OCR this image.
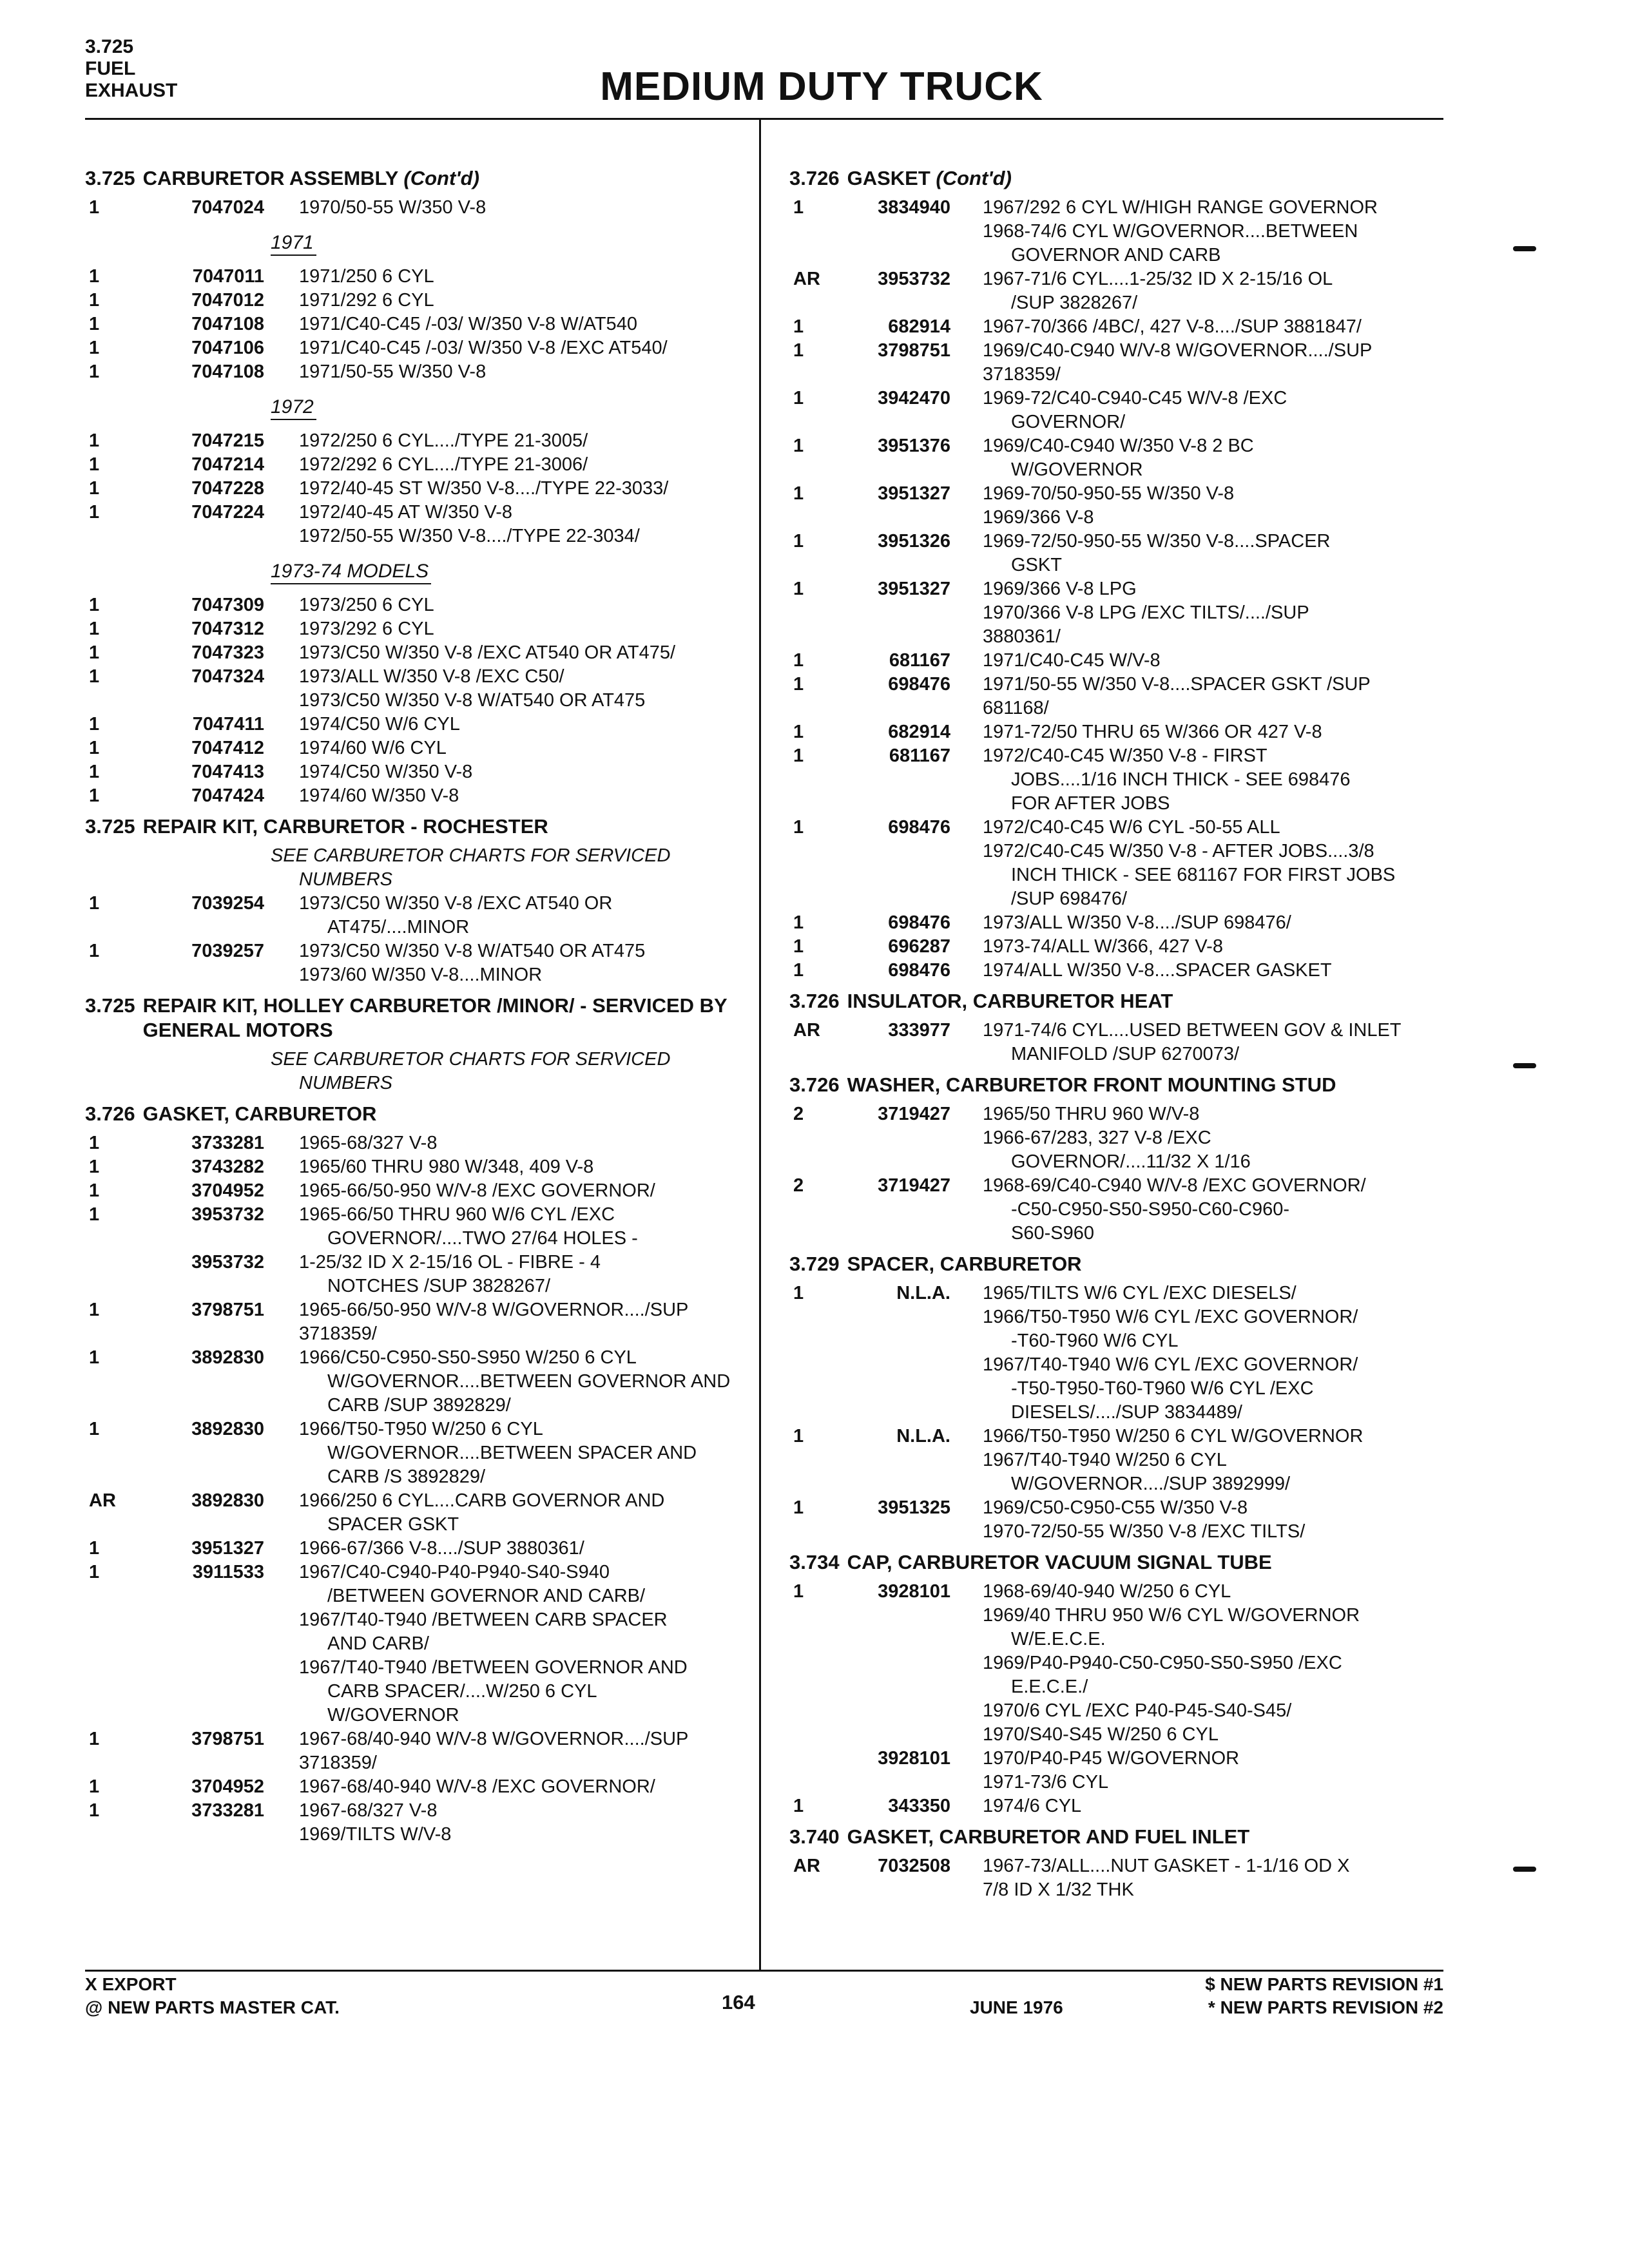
3.725
FUEL
EXHAUST	MEDIUM DUTY TRUCK
3.725 CARBURETOR ASSEMBLY (Cont'd)
1	7047024	1970/50-55 W/350 V-8
1971
1	7047011	1971/250 6 CYL
1	7047012	1971/292 6 CYL
1	7047108	1971/C40-C45 /-03/ W/350 V-8 W/AT540
1	7047106	1971/C40-C45 /-03/ W/350 V-8 /EXC AT540/
1	7047108	1971/50-55 W/350 V-8
1972
1	7047215	1972/250 6 CYL..../TYPE 21-3005/
1	7047214	1972/292 6 CYL..../TYPE 21-3006/
1	7047228	1972/40-45 ST W/350 V-8..../TYPE 22-3033/
1	7047224	1972/40-45 AT W/350 V-8
1972/50-55 W/350 V-8..../TYPE 22-3034/
1973-74 MODELS
1	7047309	1973/250 6 CYL
1	7047312	1973/292 6 CYL
1	7047323	1973/C50 W/350 V-8 /EXC AT540 OR AT475/
1	7047324	1973/ALL W/350 V-8 /EXC C50/
1973/C50 W/350 V-8 W/AT540 OR AT475
1	7047411	1974/C50 W/6 CYL
1	7047412	1974/60 W/6 CYL
1	7047413	1974/C50 W/350 V-8
1	7047424	1974/60 W/350 V-8
3.725 REPAIR KIT, CARBURETOR - ROCHESTER
SEE CARBURETOR CHARTS FOR SERVICED
NUMBERS
1	7039254	1973/C50 W/350 V-8 /EXC AT540 OR
AT475/....MINOR
1	7039257	1973/C50 W/350 V-8 W/AT540 OR AT475
1973/60 W/350 V-8....MINOR
3.725 REPAIR KIT, HOLLEY CARBURETOR /MINOR/ - SERVICED BY GENERAL MOTORS
SEE CARBURETOR CHARTS FOR SERVICED
NUMBERS
3.726 GASKET, CARBURETOR
1	3733281	1965-68/327 V-8
1	3743282	1965/60 THRU 980 W/348, 409 V-8
1	3704952	1965-66/50-950 W/V-8 /EXC GOVERNOR/
1	3953732	1965-66/50 THRU 960 W/6 CYL /EXC
GOVERNOR/....TWO 27/64 HOLES -
3953732	1-25/32 ID X 2-15/16 OL - FIBRE - 4
NOTCHES /SUP 3828267/
1	3798751	1965-66/50-950 W/V-8 W/GOVERNOR..../SUP
3718359/
1	3892830	1966/C50-C950-S50-S950 W/250 6 CYL
W/GOVERNOR....BETWEEN GOVERNOR AND
CARB /SUP 3892829/
1	3892830	1966/T50-T950 W/250 6 CYL
W/GOVERNOR....BETWEEN SPACER AND
CARB /S 3892829/
AR	3892830	1966/250 6 CYL....CARB GOVERNOR AND
SPACER GSKT
1	3951327	1966-67/366 V-8..../SUP 3880361/
1	3911533	1967/C40-C940-P40-P940-S40-S940
/BETWEEN GOVERNOR AND CARB/
1967/T40-T940 /BETWEEN CARB SPACER
AND CARB/
1967/T40-T940 /BETWEEN GOVERNOR AND
CARB SPACER/....W/250 6 CYL
W/GOVERNOR
1	3798751	1967-68/40-940 W/V-8 W/GOVERNOR..../SUP
3718359/
1	3704952	1967-68/40-940 W/V-8 /EXC GOVERNOR/
1	3733281	1967-68/327 V-8
1969/TILTS W/V-8
3.726 GASKET (Cont'd)
1	3834940	1967/292 6 CYL W/HIGH RANGE GOVERNOR
1968-74/6 CYL W/GOVERNOR....BETWEEN
GOVERNOR AND CARB
AR	3953732	1967-71/6 CYL....1-25/32 ID X 2-15/16 OL
/SUP 3828267/
1	682914	1967-70/366 /4BC/, 427 V-8..../SUP 3881847/
1	3798751	1969/C40-C940 W/V-8 W/GOVERNOR..../SUP
3718359/
1	3942470	1969-72/C40-C940-C45 W/V-8 /EXC
GOVERNOR/
1	3951376	1969/C40-C940 W/350 V-8 2 BC
W/GOVERNOR
1	3951327	1969-70/50-950-55 W/350 V-8
1969/366 V-8
1	3951326	1969-72/50-950-55 W/350 V-8....SPACER
GSKT
1	3951327	1969/366 V-8 LPG
1970/366 V-8 LPG /EXC TILTS/..../SUP
3880361/
1	681167	1971/C40-C45 W/V-8
1	698476	1971/50-55 W/350 V-8....SPACER GSKT /SUP
681168/
1	682914	1971-72/50 THRU 65 W/366 OR 427 V-8
1	681167	1972/C40-C45 W/350 V-8 - FIRST
JOBS....1/16 INCH THICK - SEE 698476
FOR AFTER JOBS
1	698476	1972/C40-C45 W/6 CYL -50-55 ALL
1972/C40-C45 W/350 V-8 - AFTER JOBS....3/8
INCH THICK - SEE 681167 FOR FIRST JOBS
/SUP 698476/
1	698476	1973/ALL W/350 V-8..../SUP 698476/
1	696287	1973-74/ALL W/366, 427 V-8
1	698476	1974/ALL W/350 V-8....SPACER GASKET
3.726 INSULATOR, CARBURETOR HEAT
AR	333977	1971-74/6 CYL....USED BETWEEN GOV & INLET
MANIFOLD /SUP 6270073/
3.726 WASHER, CARBURETOR FRONT MOUNTING STUD
2	3719427	1965/50 THRU 960 W/V-8
1966-67/283, 327 V-8 /EXC
GOVERNOR/....11/32 X 1/16
2	3719427	1968-69/C40-C940 W/V-8 /EXC GOVERNOR/
-C50-C950-S50-S950-C60-C960-
S60-S960
3.729 SPACER, CARBURETOR
1	N.L.A.	1965/TILTS W/6 CYL /EXC DIESELS/
1966/T50-T950 W/6 CYL /EXC GOVERNOR/
-T60-T960 W/6 CYL
1967/T40-T940 W/6 CYL /EXC GOVERNOR/
-T50-T950-T60-T960 W/6 CYL /EXC
DIESELS/..../SUP 3834489/
1	N.L.A.	1966/T50-T950 W/250 6 CYL W/GOVERNOR
1967/T40-T940 W/250 6 CYL
W/GOVERNOR..../SUP 3892999/
1	3951325	1969/C50-C950-C55 W/350 V-8
1970-72/50-55 W/350 V-8 /EXC TILTS/
3.734 CAP, CARBURETOR VACUUM SIGNAL TUBE
1	3928101	1968-69/40-940 W/250 6 CYL
1969/40 THRU 950 W/6 CYL W/GOVERNOR
W/E.E.C.E.
1969/P40-P940-C50-C950-S50-S950 /EXC
E.E.C.E./
1970/6 CYL /EXC P40-P45-S40-S45/
1970/S40-S45 W/250 6 CYL
3928101	1970/P40-P45 W/GOVERNOR
1971-73/6 CYL
1	343350	1974/6 CYL
3.740 GASKET, CARBURETOR AND FUEL INLET
AR	7032508	1967-73/ALL....NUT GASKET - 1-1/16 OD X
7/8 ID X 1/32 THK
X EXPORT
@ NEW PARTS MASTER CAT.	164	JUNE 1976
$ NEW PARTS REVISION #1
* NEW PARTS REVISION #2
